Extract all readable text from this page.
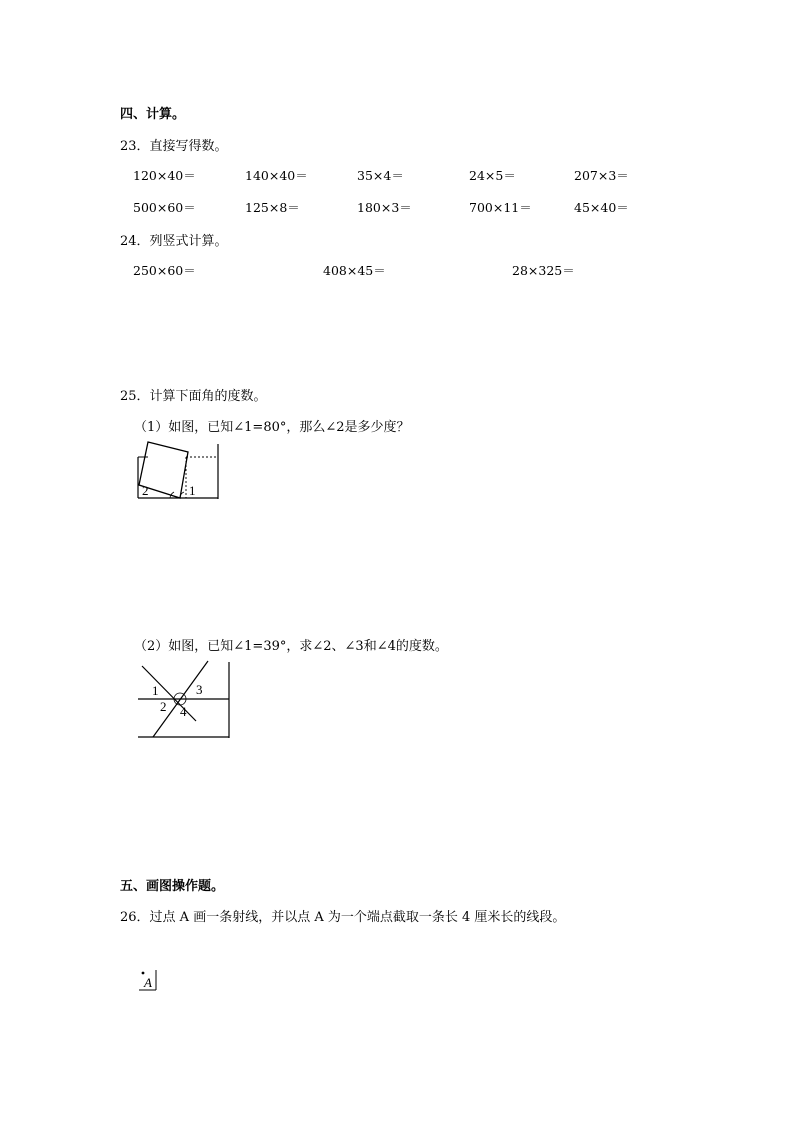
四、计算。
23．直接写得数。
120×40＝	140×40＝	35×4＝	24×5＝	207×3＝
500×60＝	125×8＝	180×3＝	700×11＝	45×40＝
24．列竖式计算。
250×60＝	408×45＝	28×325＝
25．计算下面角的度数。
（1）如图，已知∠1=80°，那么∠2是多少度？
2	1
（2）如图，已知∠1=39°，求∠2、∠3和∠4的度数。
1
2
3
4
五、画图操作题。
26．过点 A 画一条射线，并以点 A 为一个端点截取一条长 4 厘米长的线段。
A
